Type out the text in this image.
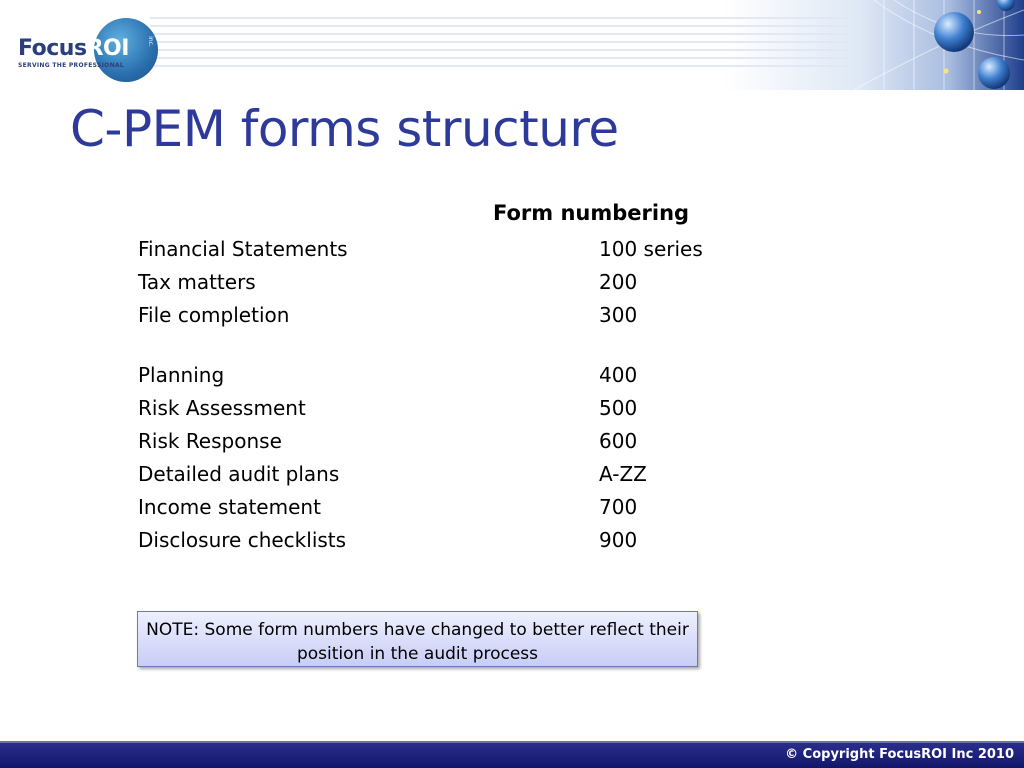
FocusROI	inc.
SERVING THE PROFESSIONAL
C-PEM forms structure
Form numbering
Financial Statements	100 series
Tax matters	200
File completion	300
Planning	400
Risk Assessment	500
Risk Response	600
Detailed audit plans	A-ZZ
Income statement	700
Disclosure checklists	900
NOTE: Some form numbers have changed to better reflect their position in the audit process
© Copyright FocusROI Inc 2010
